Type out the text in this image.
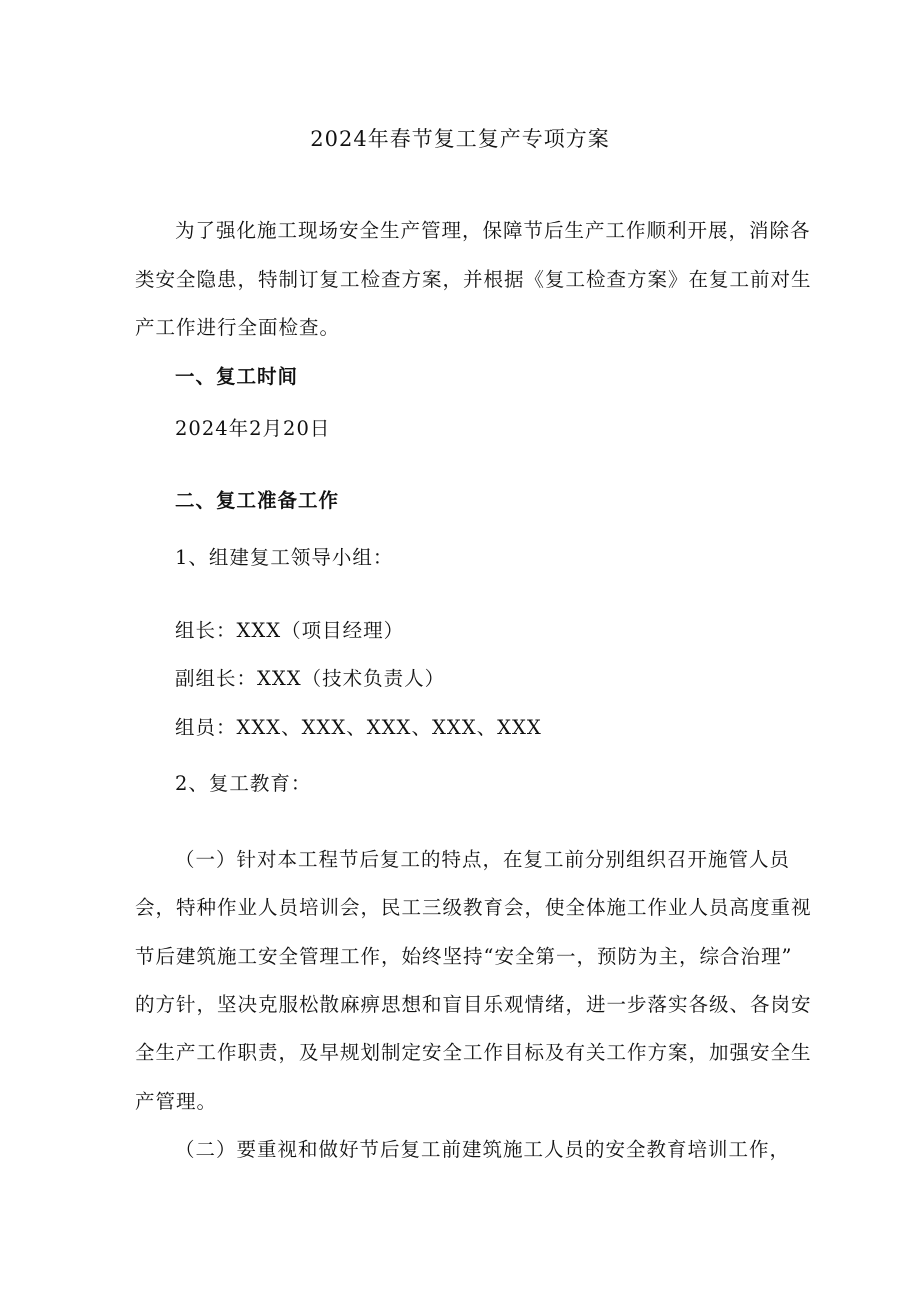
2024年春节复工复产专项方案
为了强化施工现场安全生产管理，保障节后生产工作顺利开展，消除各
类安全隐患，特制订复工检查方案，并根据《复工检查方案》在复工前对生
产工作进行全面检查。
一、复工时间
2024年2月20日
二、复工准备工作
1、组建复工领导小组：
组长：XXX（项目经理）
副组长：XXX（技术负责人）
组员：XXX、XXX、XXX、XXX、XXX
2、复工教育：
（一）针对本工程节后复工的特点，在复工前分别组织召开施管人员
会，特种作业人员培训会，民工三级教育会，使全体施工作业人员高度重视
节后建筑施工安全管理工作，始终坚持“安全第一，预防为主，综合治理”
的方针，坚决克服松散麻痹思想和盲目乐观情绪，进一步落实各级、各岗安
全生产工作职责，及早规划制定安全工作目标及有关工作方案，加强安全生
产管理。
（二）要重视和做好节后复工前建筑施工人员的安全教育培训工作，
